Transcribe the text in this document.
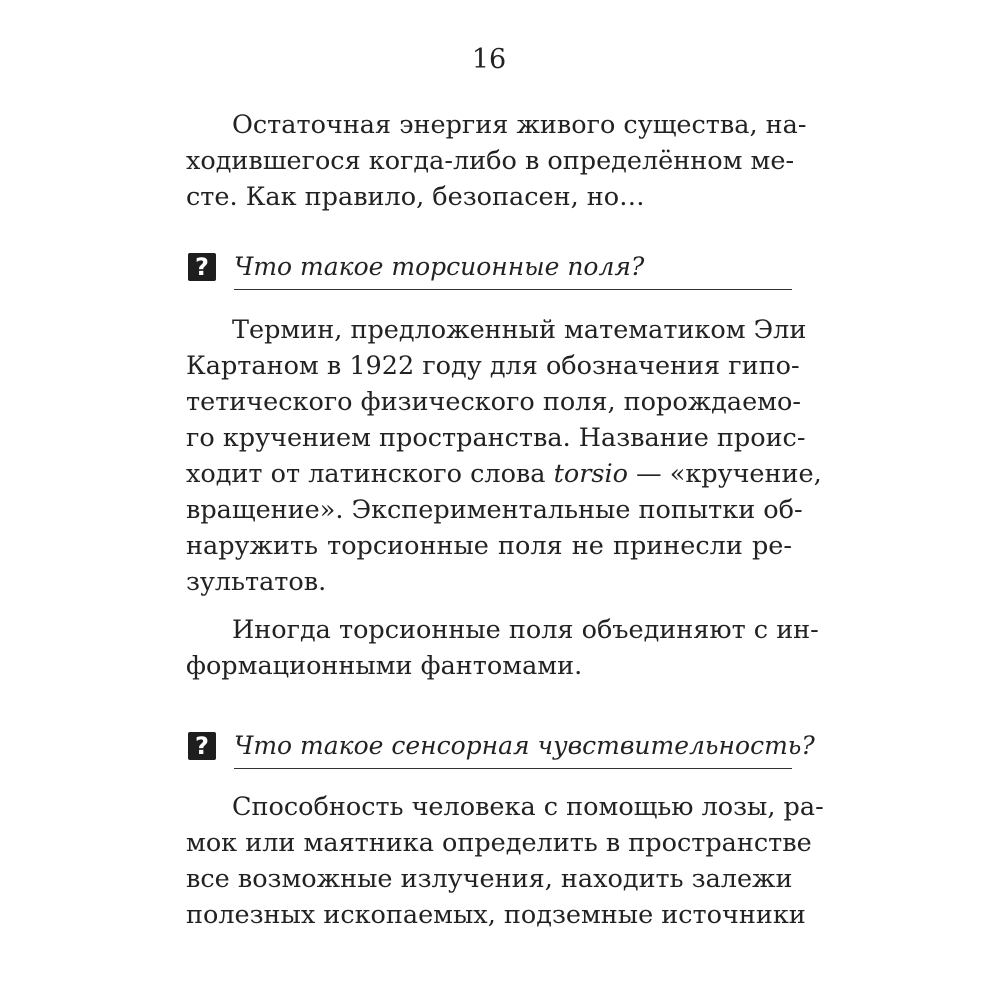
16
Остаточная энергия живого существа, на-
ходившегося когда-либо в определённом ме-
сте. Как правило, безопасен, но…
? Что такое торсионные поля?
Термин, предложенный математиком Эли
Картаном в 1922 году для обозначения гипо-
тетического физического поля, порождаемо-
го кручением пространства. Название проис-
ходит от латинского слова torsio — «кручение,
вращение». Экспериментальные попытки об-
наружить торсионные поля не принесли ре-
зультатов.
Иногда торсионные поля объединяют с ин-
формационными фантомами.
? Что такое сенсорная чувствительность?
Способность человека с помощью лозы, ра-
мок или маятника определить в пространстве
все возможные излучения, находить залежи
полезных ископаемых, подземные источники
